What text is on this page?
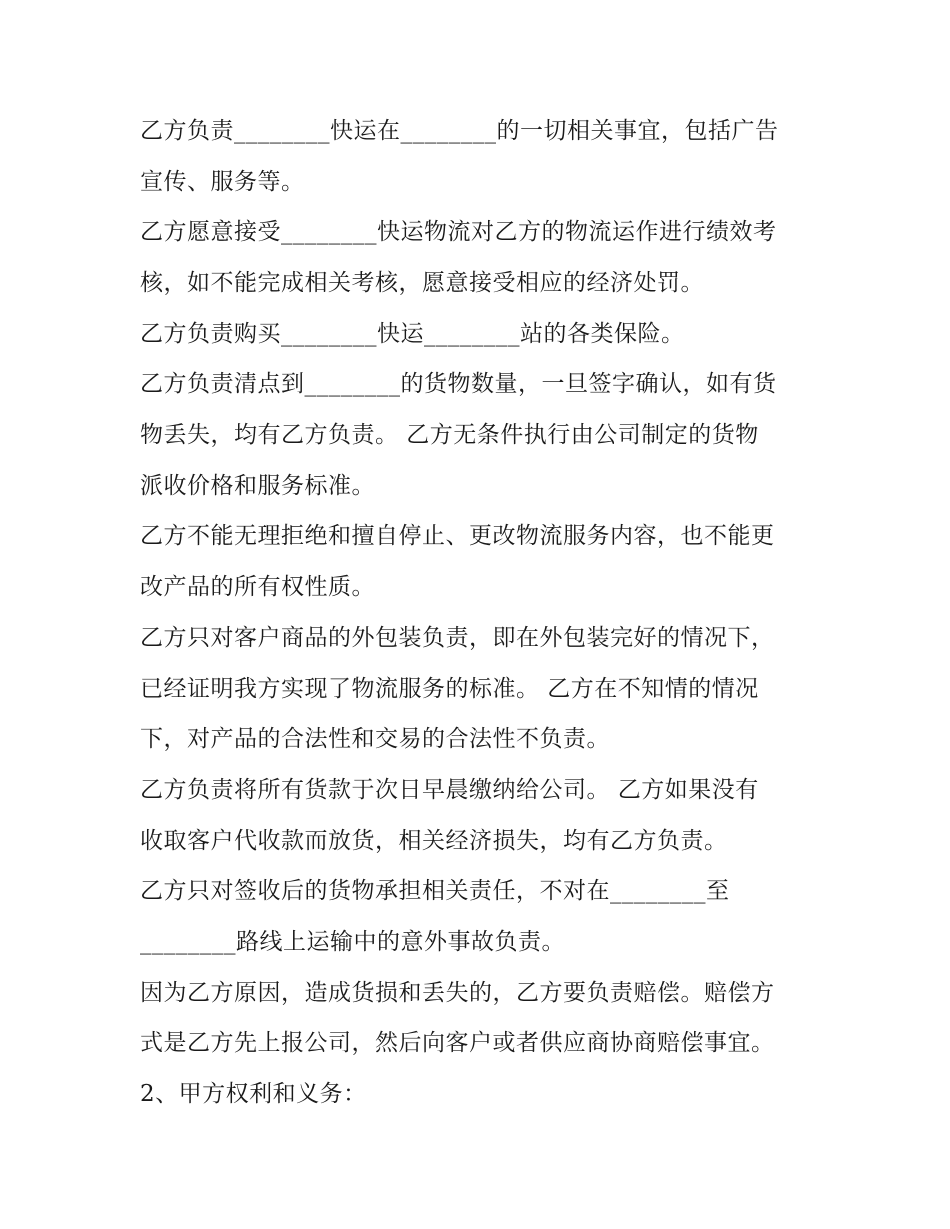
乙方负责________快运在________的一切相关事宜，包括广告
宣传、服务等。
乙方愿意接受________快运物流对乙方的物流运作进行绩效考
核，如不能完成相关考核，愿意接受相应的经济处罚。
乙方负责购买________快运________站的各类保险。
乙方负责清点到________的货物数量，一旦签字确认，如有货
物丢失，均有乙方负责。 乙方无条件执行由公司制定的货物
派收价格和服务标准。
乙方不能无理拒绝和擅自停止、更改物流服务内容，也不能更
改产品的所有权性质。
乙方只对客户商品的外包装负责，即在外包装完好的情况下，
已经证明我方实现了物流服务的标准。 乙方在不知情的情况
下，对产品的合法性和交易的合法性不负责。
乙方负责将所有货款于次日早晨缴纳给公司。 乙方如果没有
收取客户代收款而放货，相关经济损失，均有乙方负责。
乙方只对签收后的货物承担相关责任，不对在________至
________路线上运输中的意外事故负责。
因为乙方原因，造成货损和丢失的，乙方要负责赔偿。赔偿方
式是乙方先上报公司，然后向客户或者供应商协商赔偿事宜。
2、甲方权利和义务：
